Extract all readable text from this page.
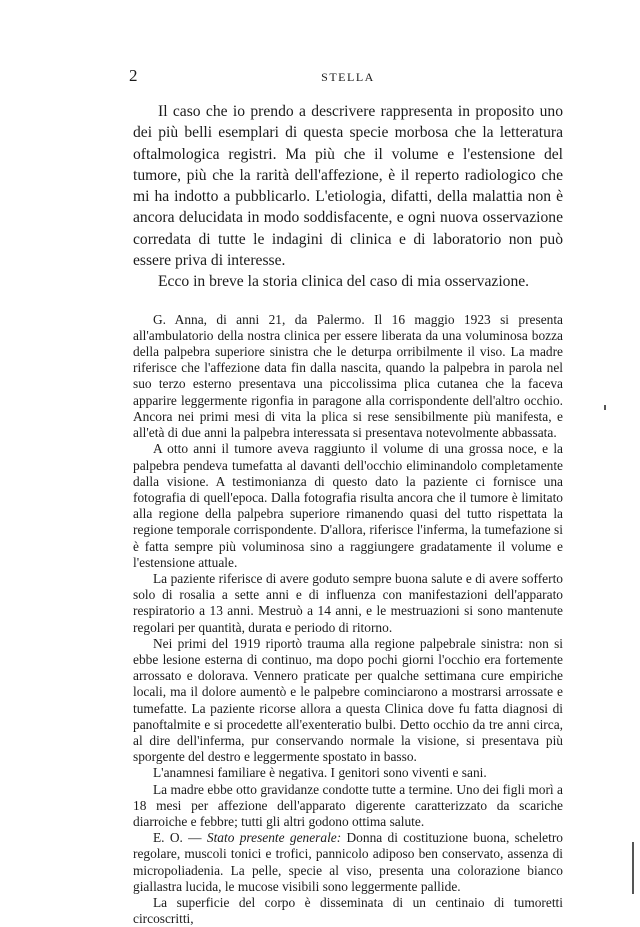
2	STELLA

Il caso che io prendo a descrivere rappresenta in proposito uno dei più belli esemplari di questa specie morbosa che la letteratura oftalmologica registri. Ma più che il volume e l'estensione del tumore, più che la rarità dell'affezione, è il reperto radiologico che mi ha indotto a pubblicarlo. L'etiologia, difatti, della malattia non è ancora delucidata in modo soddisfacente, e ogni nuova osservazione corredata di tutte le indagini di clinica e di laboratorio non può essere priva di interesse.

Ecco in breve la storia clinica del caso di mia osservazione.

G. Anna, di anni 21, da Palermo. Il 16 maggio 1923 si presenta all'ambulatorio della nostra clinica per essere liberata da una voluminosa bozza della palpebra superiore sinistra che le deturpa orribilmente il viso. La madre riferisce che l'affezione data fin dalla nascita, quando la palpebra in parola nel suo terzo esterno presentava una piccolissima plica cutanea che la faceva apparire leggermente rigonfia in paragone alla corrispondente dell'altro occhio. Ancora nei primi mesi di vita la plica si rese sensibilmente più manifesta, e all'età di due anni la palpebra interessata si presentava notevolmente abbassata.

A otto anni il tumore aveva raggiunto il volume di una grossa noce, e la palpebra pendeva tumefatta al davanti dell'occhio eliminandolo completamente dalla visione. A testimonianza di questo dato la paziente ci fornisce una fotografia di quell'epoca. Dalla fotografia risulta ancora che il tumore è limitato alla regione della palpebra superiore rimanendo quasi del tutto rispettata la regione temporale corrispondente. D'allora, riferisce l'inferma, la tumefazione si è fatta sempre più voluminosa sino a raggiungere gradatamente il volume e l'estensione attuale.

La paziente riferisce di avere goduto sempre buona salute e di avere sofferto solo di rosalia a sette anni e di influenza con manifestazioni dell'apparato respiratorio a 13 anni. Mestruò a 14 anni, e le mestruazioni si sono mantenute regolari per quantità, durata e periodo di ritorno.

Nei primi del 1919 riportò trauma alla regione palpebrale sinistra: non si ebbe lesione esterna di continuo, ma dopo pochi giorni l'occhio era fortemente arrossato e dolorava. Vennero praticate per qualche settimana cure empiriche locali, ma il dolore aumentò e le palpebre cominciarono a mostrarsi arrossate e tumefatte. La paziente ricorse allora a questa Clinica dove fu fatta diagnosi di panoftalmite e si procedette all'exenteratio bulbi. Detto occhio da tre anni circa, al dire dell'inferma, pur conservando normale la visione, si presentava più sporgente del destro e leggermente spostato in basso.

L'anamnesi familiare è negativa. I genitori sono viventi e sani.

La madre ebbe otto gravidanze condotte tutte a termine. Uno dei figli morì a 18 mesi per affezione dell'apparato digerente caratterizzato da scariche diarroiche e febbre; tutti gli altri godono ottima salute.

E. O. — Stato presente generale: Donna di costituzione buona, scheletro regolare, muscoli tonici e trofici, pannicolo adiposo ben conservato, assenza di micropoliadenia. La pelle, specie al viso, presenta una colorazione bianco giallastra lucida, le mucose visibili sono leggermente pallide.

La superficie del corpo è disseminata di un centinaio di tumoretti circoscritti,
